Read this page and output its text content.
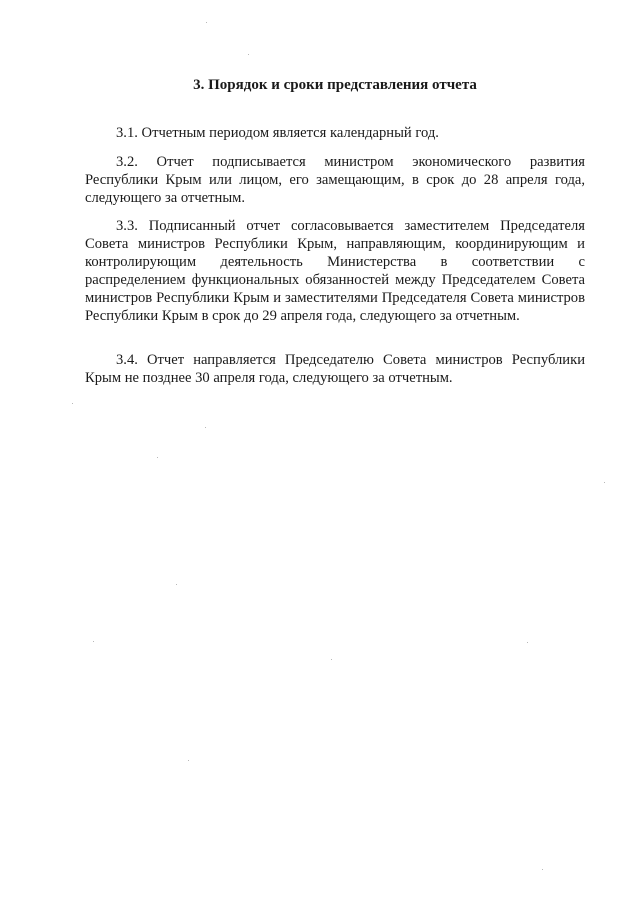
3. Порядок и сроки представления отчета

3.1. Отчетным периодом является календарный год.

3.2. Отчет подписывается министром экономического развития Республики Крым или лицом, его замещающим, в срок до 28 апреля года, следующего за отчетным.

3.3. Подписанный отчет согласовывается заместителем Председателя Совета министров Республики Крым, направляющим, координирующим и контролирующим деятельность Министерства в соответствии с распределением функциональных обязанностей между Председателем Совета министров Республики Крым и заместителями Председателя Совета министров Республики Крым в срок до 29 апреля года, следующего за отчетным.

3.4. Отчет направляется Председателю Совета министров Республики Крым не позднее 30 апреля года, следующего за отчетным.
